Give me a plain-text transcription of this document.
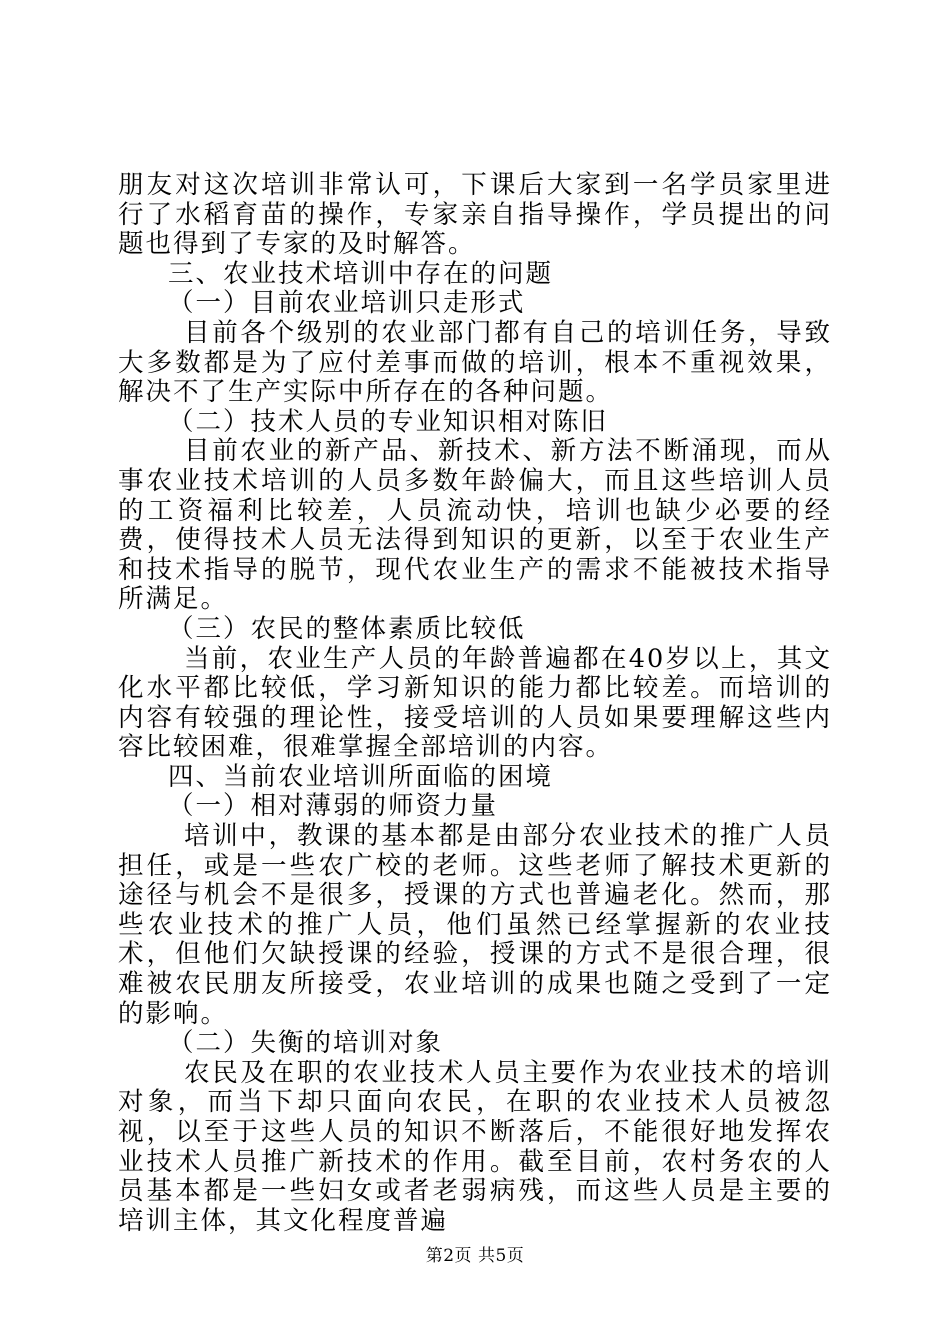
朋友对这次培训非常认可，下课后大家到一名学员家里进行了水稻育苗的操作，专家亲自指导操作，学员提出的问题也得到了专家的及时解答。

三、农业技术培训中存在的问题

（一）目前农业培训只走形式

目前各个级别的农业部门都有自己的培训任务，导致大多数都是为了应付差事而做的培训，根本不重视效果，解决不了生产实际中所存在的各种问题。

（二）技术人员的专业知识相对陈旧

目前农业的新产品、新技术、新方法不断涌现，而从事农业技术培训的人员多数年龄偏大，而且这些培训人员的工资福利比较差，人员流动快，培训也缺少必要的经费，使得技术人员无法得到知识的更新，以至于农业生产和技术指导的脱节，现代农业生产的需求不能被技术指导所满足。

（三）农民的整体素质比较低

当前，农业生产人员的年龄普遍都在40岁以上，其文化水平都比较低，学习新知识的能力都比较差。而培训的内容有较强的理论性，接受培训的人员如果要理解这些内容比较困难，很难掌握全部培训的内容。

四、当前农业培训所面临的困境

（一）相对薄弱的师资力量

培训中，教课的基本都是由部分农业技术的推广人员担任，或是一些农广校的老师。这些老师了解技术更新的途径与机会不是很多，授课的方式也普遍老化。然而，那些农业技术的推广人员，他们虽然已经掌握新的农业技术，但他们欠缺授课的经验，授课的方式不是很合理，很难被农民朋友所接受，农业培训的成果也随之受到了一定的影响。

（二）失衡的培训对象

农民及在职的农业技术人员主要作为农业技术的培训对象，而当下却只面向农民，在职的农业技术人员被忽视，以至于这些人员的知识不断落后，不能很好地发挥农业技术人员推广新技术的作用。截至目前，农村务农的人员基本都是一些妇女或者老弱病残，而这些人员是主要的培训主体，其文化程度普遍

第2页 共5页
